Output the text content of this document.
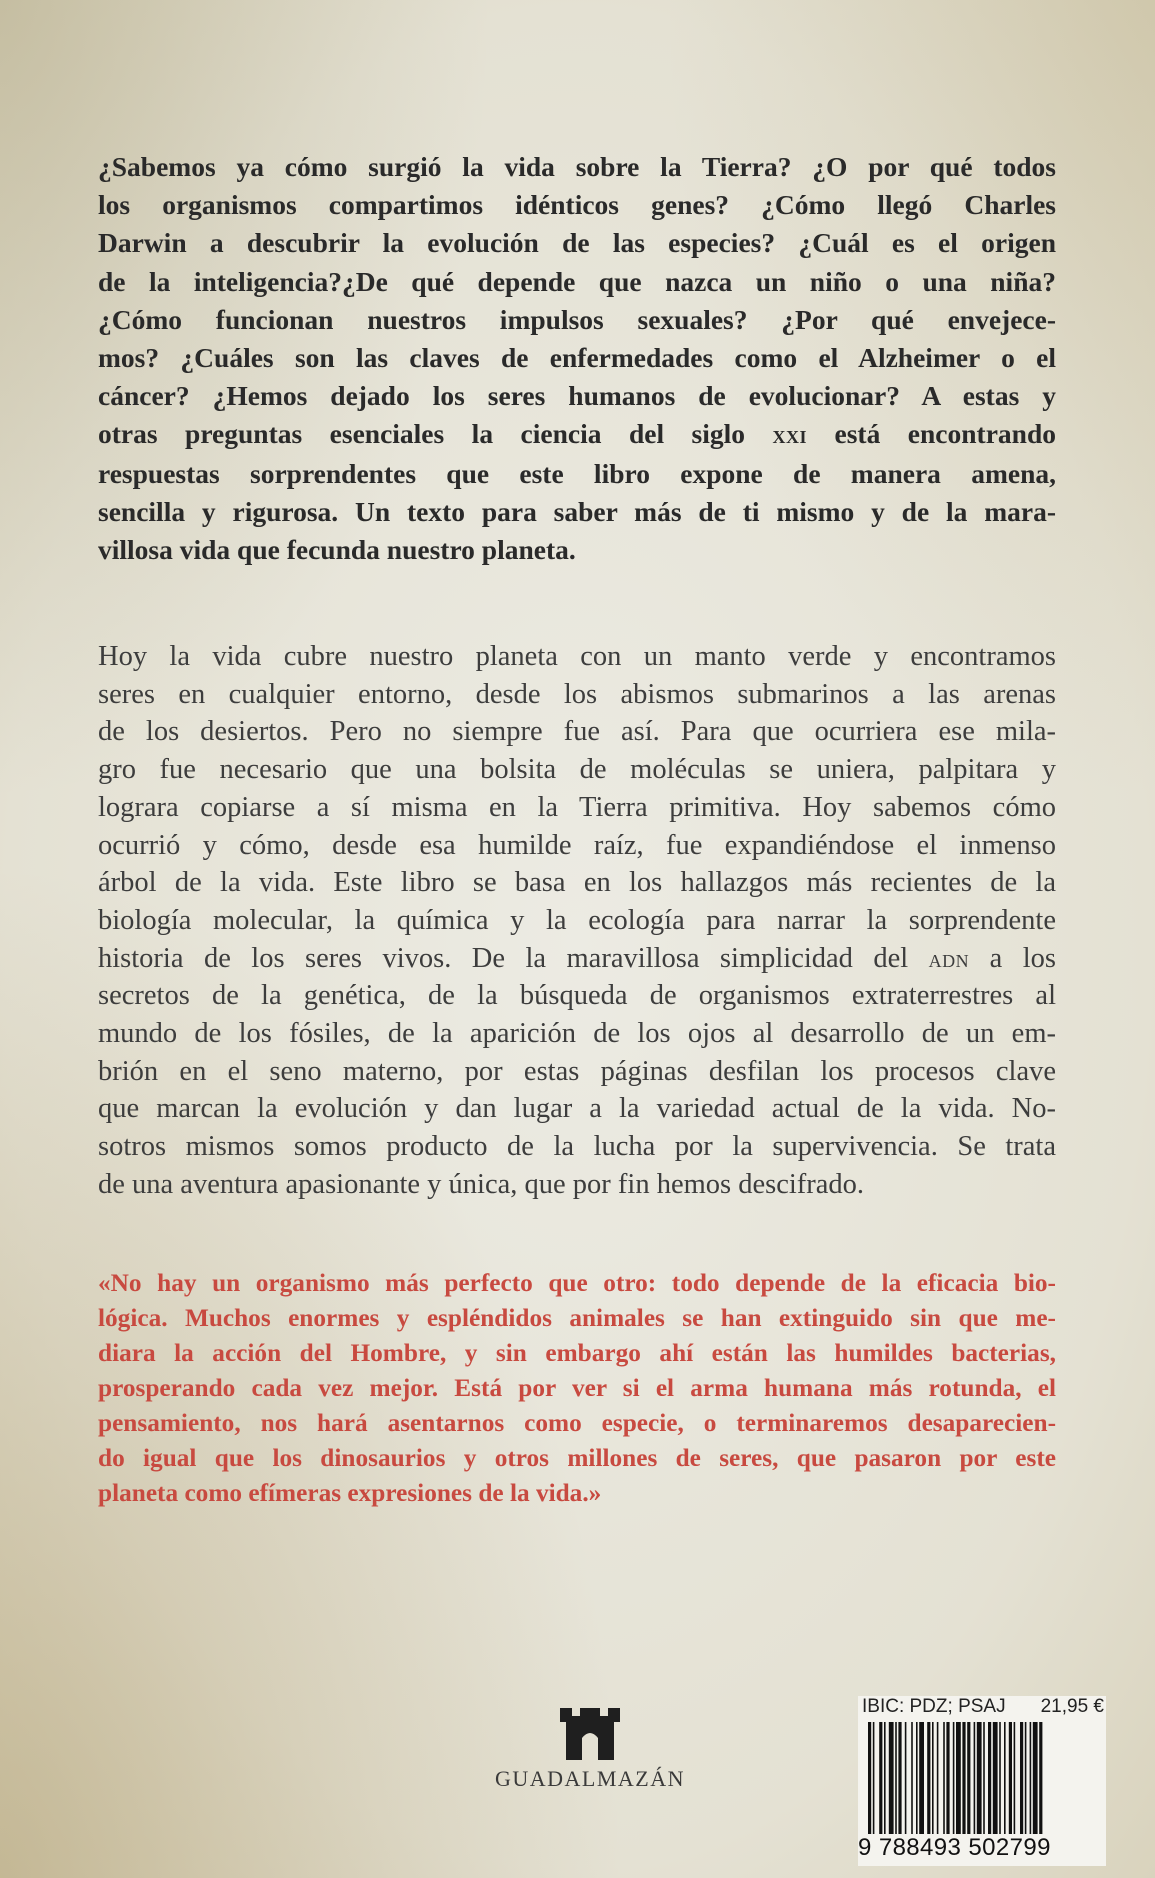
¿Sabemos ya cómo surgió la vida sobre la Tierra? ¿O por qué todos
los organismos compartimos idénticos genes? ¿Cómo llegó Charles
Darwin a descubrir la evolución de las especies? ¿Cuál es el origen
de la inteligencia?¿De qué depende que nazca un niño o una niña?
¿Cómo funcionan nuestros impulsos sexuales? ¿Por qué envejece-
mos? ¿Cuáles son las claves de enfermedades como el Alzheimer o el
cáncer? ¿Hemos dejado los seres humanos de evolucionar? A estas y
otras preguntas esenciales la ciencia del siglo xxi está encontrando
respuestas sorprendentes que este libro expone de manera amena,
sencilla y rigurosa. Un texto para saber más de ti mismo y de la mara-
villosa vida que fecunda nuestro planeta.
Hoy la vida cubre nuestro planeta con un manto verde y encontramos
seres en cualquier entorno, desde los abismos submarinos a las arenas
de los desiertos. Pero no siempre fue así. Para que ocurriera ese mila-
gro fue necesario que una bolsita de moléculas se uniera, palpitara y
lograra copiarse a sí misma en la Tierra primitiva. Hoy sabemos cómo
ocurrió y cómo, desde esa humilde raíz, fue expandiéndose el inmenso
árbol de la vida. Este libro se basa en los hallazgos más recientes de la
biología molecular, la química y la ecología para narrar la sorprendente
historia de los seres vivos. De la maravillosa simplicidad del adn a los
secretos de la genética, de la búsqueda de organismos extraterrestres al
mundo de los fósiles, de la aparición de los ojos al desarrollo de un em-
brión en el seno materno, por estas páginas desfilan los procesos clave
que marcan la evolución y dan lugar a la variedad actual de la vida. No-
sotros mismos somos producto de la lucha por la supervivencia. Se trata
de una aventura apasionante y única, que por fin hemos descifrado.
«No hay un organismo más perfecto que otro: todo depende de la eficacia bio-
lógica. Muchos enormes y espléndidos animales se han extinguido sin que me-
diara la acción del Hombre, y sin embargo ahí están las humildes bacterias,
prosperando cada vez mejor. Está por ver si el arma humana más rotunda, el
pensamiento, nos hará asentarnos como especie, o terminaremos desaparecien-
do igual que los dinosaurios y otros millones de seres, que pasaron por este
planeta como efímeras expresiones de la vida.»
GUADALMAZÁN
IBIC: PDZ; PSAJ 21,95 €
9 788493 502799
